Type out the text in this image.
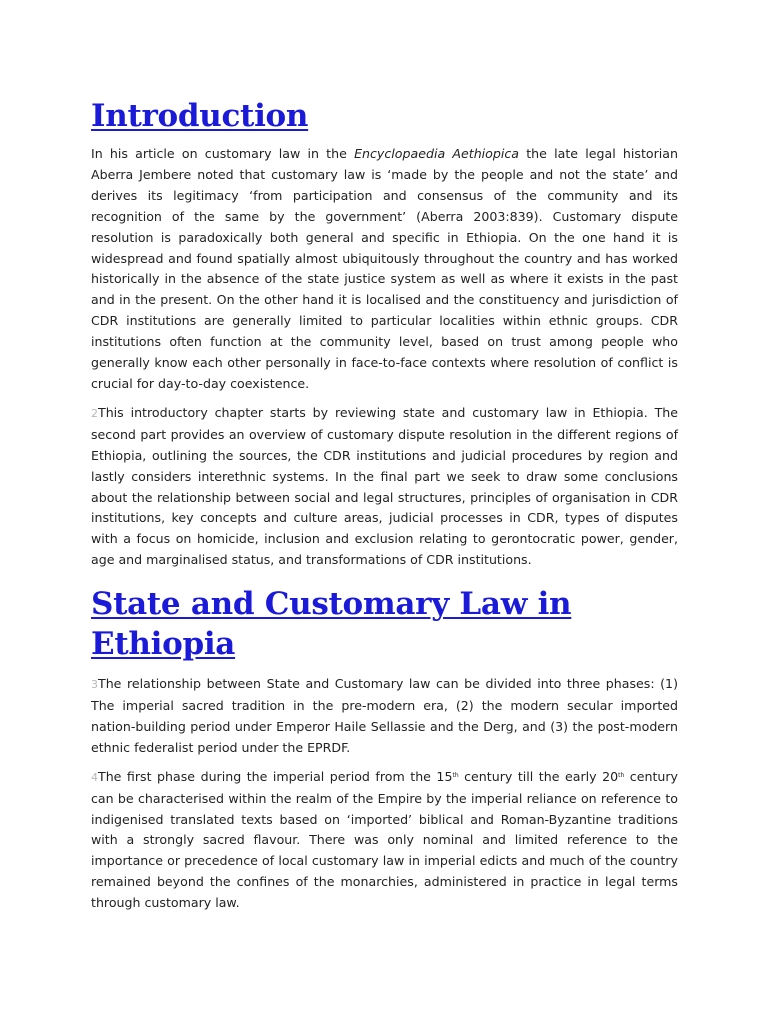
Introduction

In his article on customary law in the Encyclopaedia Aethiopica the late legal historian Aberra Jembere noted that customary law is ‘made by the people and not the state’ and derives its legitimacy ‘from participation and consensus of the community and its recognition of the same by the government’ (Aberra 2003:839). Customary dispute resolution is paradoxically both general and specific in Ethiopia. On the one hand it is widespread and found spatially almost ubiquitously throughout the country and has worked historically in the absence of the state justice system as well as where it exists in the past and in the present. On the other hand it is localised and the constituency and jurisdiction of CDR institutions are generally limited to particular localities within ethnic groups. CDR institutions often function at the community level, based on trust among people who generally know each other personally in face-to-face contexts where resolution of conflict is crucial for day-to-day coexistence.

2This introductory chapter starts by reviewing state and customary law in Ethiopia. The second part provides an overview of customary dispute resolution in the different regions of Ethiopia, outlining the sources, the CDR institutions and judicial procedures by region and lastly considers interethnic systems. In the final part we seek to draw some conclusions about the relationship between social and legal structures, principles of organisation in CDR institutions, key concepts and culture areas, judicial processes in CDR, types of disputes with a focus on homicide, inclusion and exclusion relating to gerontocratic power, gender, age and marginalised status, and transformations of CDR institutions.

State and Customary Law in Ethiopia

3The relationship between State and Customary law can be divided into three phases: (1) The imperial sacred tradition in the pre-modern era, (2) the modern secular imported nation-building period under Emperor Haile Sellassie and the Derg, and (3) the post-modern ethnic federalist period under the EPRDF.

4The first phase during the imperial period from the 15th century till the early 20th century can be characterised within the realm of the Empire by the imperial reliance on reference to indigenised translated texts based on ‘imported’ biblical and Roman-Byzantine traditions with a strongly sacred flavour. There was only nominal and limited reference to the importance or precedence of local customary law in imperial edicts and much of the country remained beyond the confines of the monarchies, administered in practice in legal terms through customary law.
